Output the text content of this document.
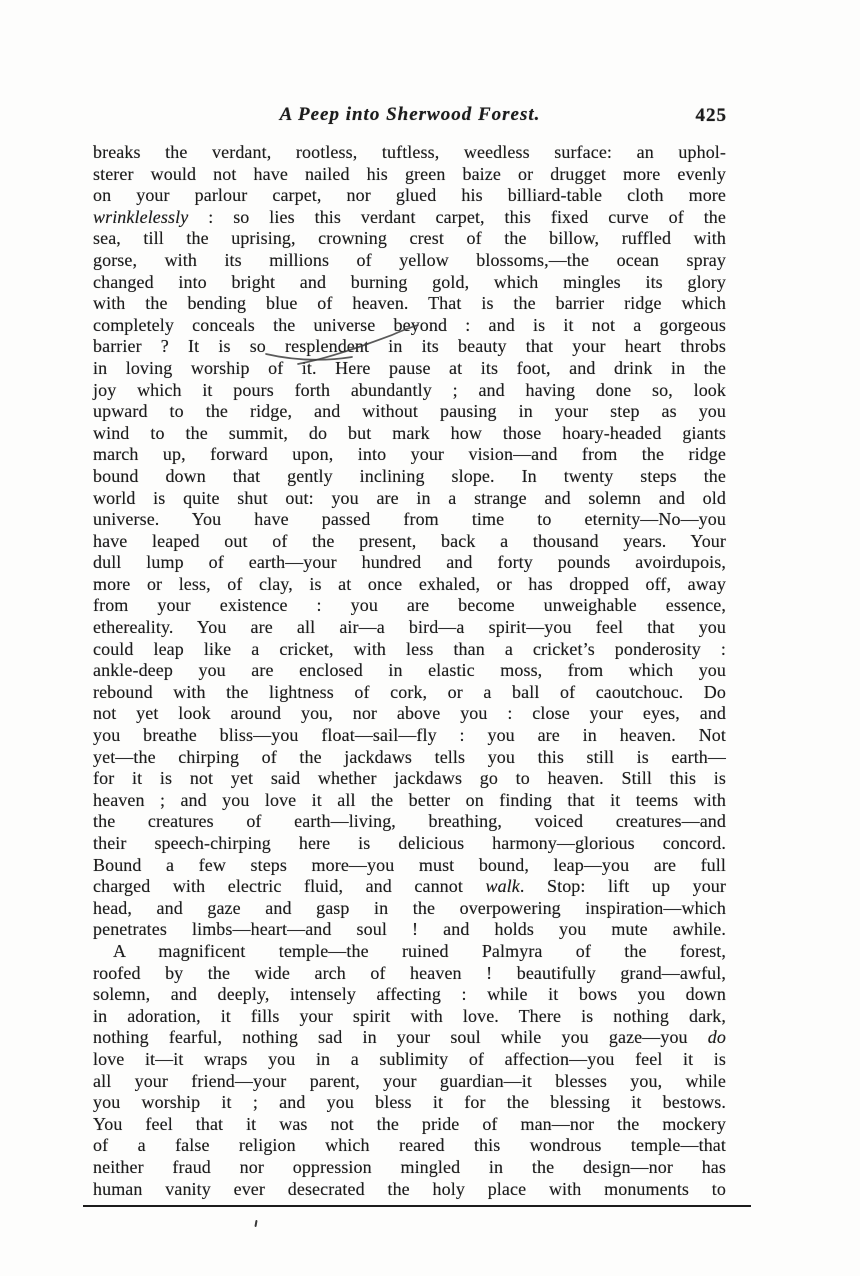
A Peep into Sherwood Forest.	425
breaks the verdant, rootless, tuftless, weedless surface: an uphol-
sterer would not have nailed his green baize or drugget more evenly
on your parlour carpet, nor glued his billiard-table cloth more
wrinklelessly : so lies this verdant carpet, this fixed curve of the
sea, till the uprising, crowning crest of the billow, ruffled with
gorse, with its millions of yellow blossoms,—the ocean spray
changed into bright and burning gold, which mingles its glory
with the bending blue of heaven. That is the barrier ridge which
completely conceals the universe beyond : and is it not a gorgeous
barrier ? It is so resplendent in its beauty that your heart throbs
in loving worship of it. Here pause at its foot, and drink in the
joy which it pours forth abundantly ; and having done so, look
upward to the ridge, and without pausing in your step as you
wind to the summit, do but mark how those hoary-headed giants
march up, forward upon, into your vision—and from the ridge
bound down that gently inclining slope. In twenty steps the
world is quite shut out: you are in a strange and solemn and old
universe. You have passed from time to eternity—No—you
have leaped out of the present, back a thousand years. Your
dull lump of earth—your hundred and forty pounds avoirdupois,
more or less, of clay, is at once exhaled, or has dropped off, away
from your existence : you are become unweighable essence,
ethereality. You are all air—a bird—a spirit—you feel that you
could leap like a cricket, with less than a cricket’s ponderosity :
ankle-deep you are enclosed in elastic moss, from which you
rebound with the lightness of cork, or a ball of caoutchouc. Do
not yet look around you, nor above you : close your eyes, and
you breathe bliss—you float—sail—fly : you are in heaven. Not
yet—the chirping of the jackdaws tells you this still is earth—
for it is not yet said whether jackdaws go to heaven. Still this is
heaven ; and you love it all the better on finding that it teems with
the creatures of earth—living, breathing, voiced creatures—and
their speech-chirping here is delicious harmony—glorious concord.
Bound a few steps more—you must bound, leap—you are full
charged with electric fluid, and cannot walk. Stop: lift up your
head, and gaze and gasp in the overpowering inspiration—which
penetrates limbs—heart—and soul ! and holds you mute awhile.
A magnificent temple—the ruined Palmyra of the forest,
roofed by the wide arch of heaven ! beautifully grand—awful,
solemn, and deeply, intensely affecting : while it bows you down
in adoration, it fills your spirit with love. There is nothing dark,
nothing fearful, nothing sad in your soul while you gaze—you do
love it—it wraps you in a sublimity of affection—you feel it is
all your friend—your parent, your guardian—it blesses you, while
you worship it ; and you bless it for the blessing it bestows.
You feel that it was not the pride of man—nor the mockery
of a false religion which reared this wondrous temple—that
neither fraud nor oppression mingled in the design—nor has
human vanity ever desecrated the holy place with monuments to
